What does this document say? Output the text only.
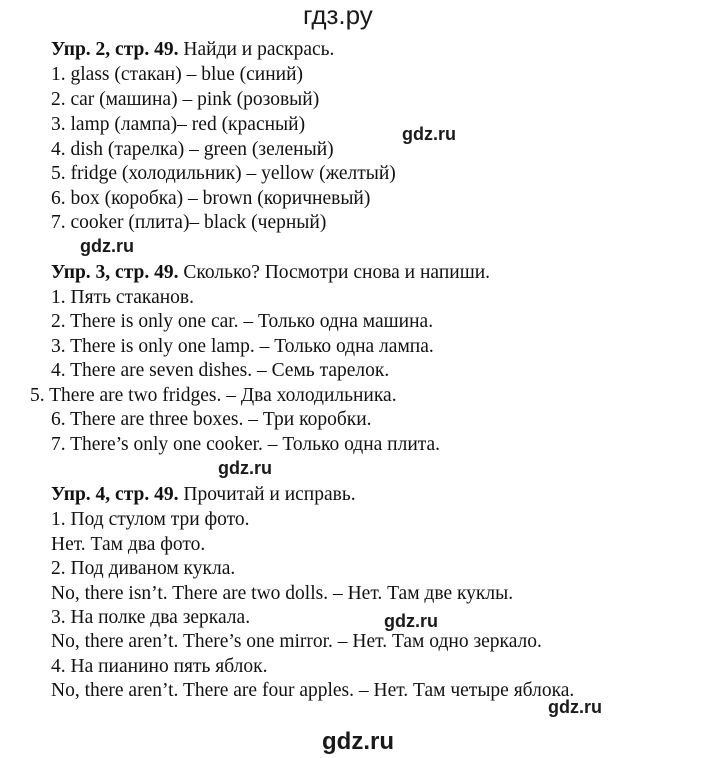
гдз.ру
Упр. 2, стр. 49. Найди и раскрась.
1. glass (стакан) – blue (синий)
2. car (машина) – pink (розовый)
3. lamp (лампа)– red (красный)
4. dish (тарелка) – green (зеленый)
5. fridge (холодильник) – yellow (желтый)
6. box (коробка) – brown (коричневый)
7. cooker (плита)– black (черный)
gdz.ru
gdz.ru
Упр. 3, стр. 49. Сколько? Посмотри снова и напиши.
1. Пять стаканов.
2. There is only one car. – Только одна машина.
3. There is only one lamp. – Только одна лампа.
4. There are seven dishes. – Семь тарелок.
5. There are two fridges. – Два холодильника.
6. There are three boxes. – Три коробки.
7. There’s only one cooker. – Только одна плита.
gdz.ru
Упр. 4, стр. 49. Прочитай и исправь.
1. Под стулом три фото.
Нет. Там два фото.
2. Под диваном кукла.
No, there isn’t. There are two dolls. – Нет. Там две куклы.
3. На полке два зеркала.
No, there aren’t. There’s one mirror. – Нет. Там одно зеркало.
4. На пианино пять яблок.
No, there aren’t. There are four apples. – Нет. Там четыре яблока.
gdz.ru
gdz.ru
gdz.ru
